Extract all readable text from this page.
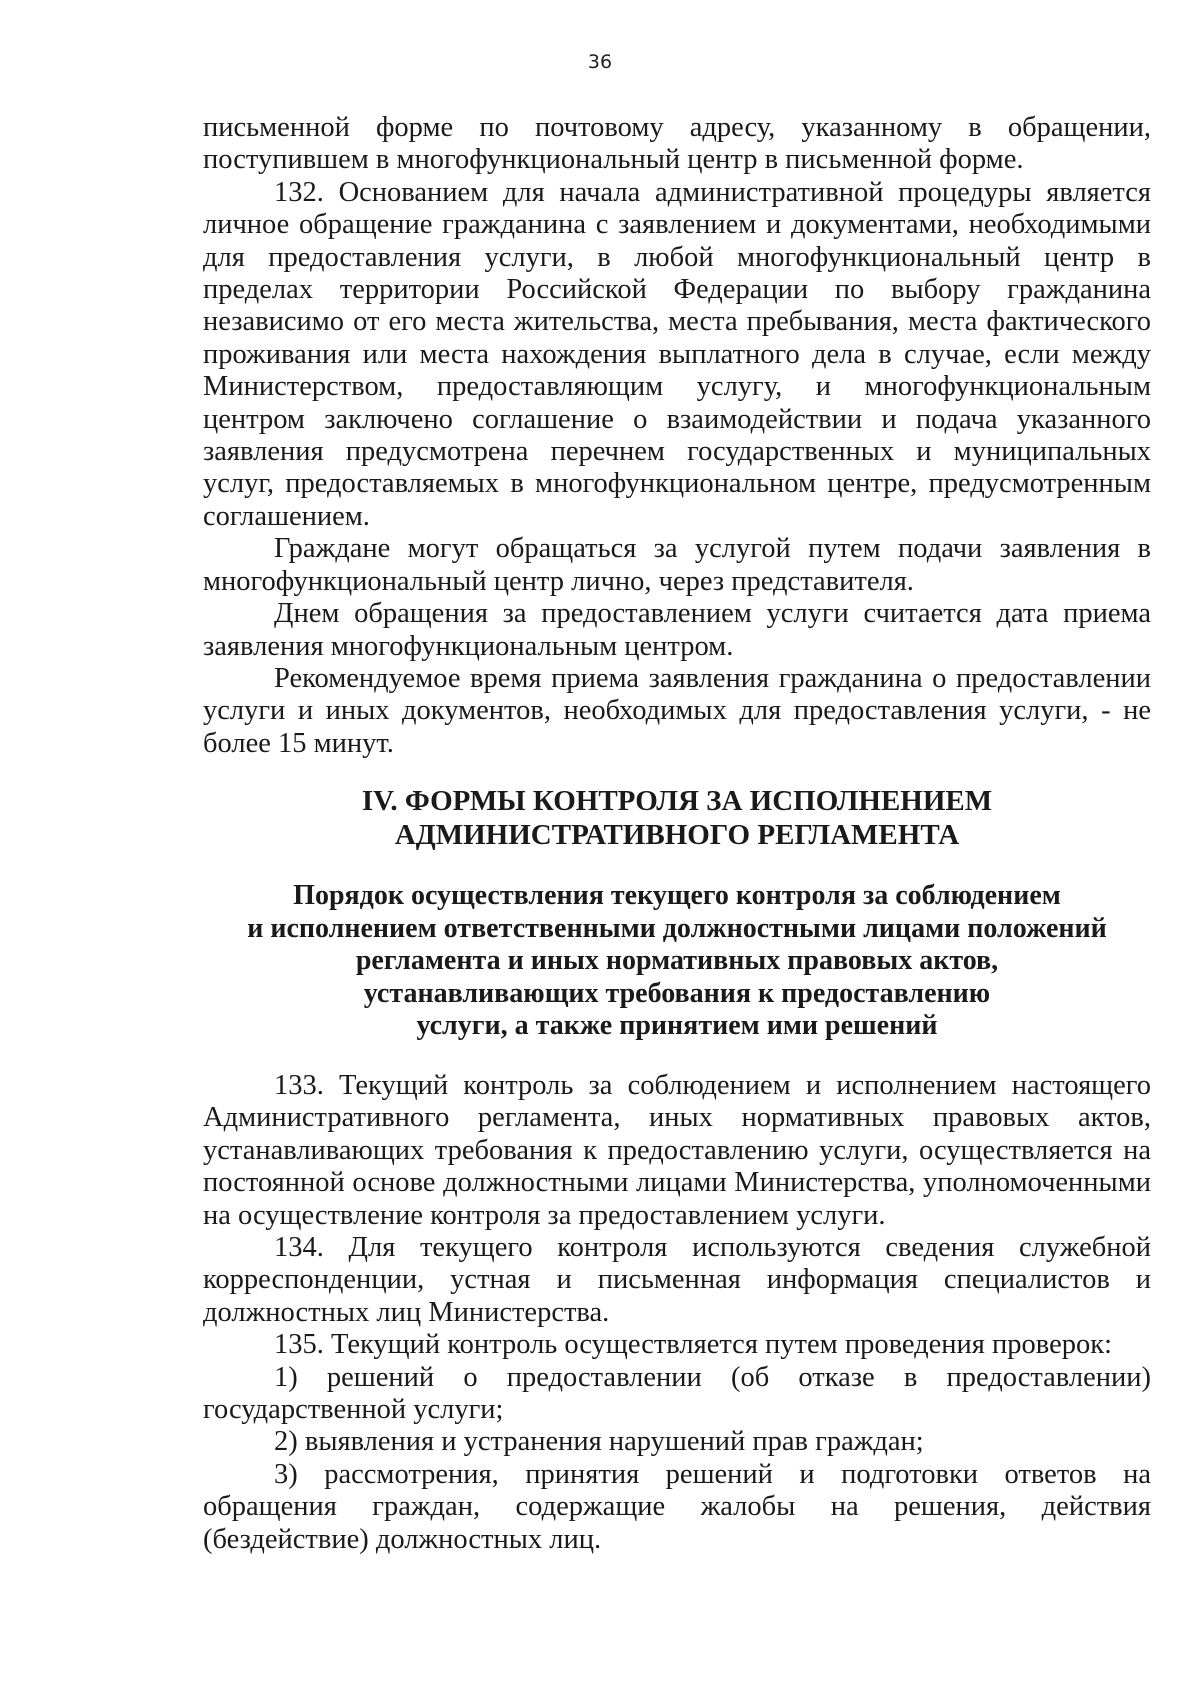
36

письменной форме по почтовому адресу, указанному в обращении, поступившем в многофункциональный центр в письменной форме.

132. Основанием для начала административной процедуры является личное обращение гражданина с заявлением и документами, необходимыми для предоставления услуги, в любой многофункциональный центр в пределах территории Российской Федерации по выбору гражданина независимо от его места жительства, места пребывания, места фактического проживания или места нахождения выплатного дела в случае, если между Министерством, предоставляющим услугу, и многофункциональным центром заключено соглашение о взаимодействии и подача указанного заявления предусмотрена перечнем государственных и муниципальных услуг, предоставляемых в многофункциональном центре, предусмотренным соглашением.

Граждане могут обращаться за услугой путем подачи заявления в многофункциональный центр лично, через представителя.

Днем обращения за предоставлением услуги считается дата приема заявления многофункциональным центром.

Рекомендуемое время приема заявления гражданина о предоставлении услуги и иных документов, необходимых для предоставления услуги, - не более 15 минут.

IV. ФОРМЫ КОНТРОЛЯ ЗА ИСПОЛНЕНИЕМ
АДМИНИСТРАТИВНОГО РЕГЛАМЕНТА
Порядок осуществления текущего контроля за соблюдением
и исполнением ответственными должностными лицами положений
регламента и иных нормативных правовых актов,
устанавливающих требования к предоставлению
услуги, а также принятием ими решений

133. Текущий контроль за соблюдением и исполнением настоящего Административного регламента, иных нормативных правовых актов, устанавливающих требования к предоставлению услуги, осуществляется на постоянной основе должностными лицами Министерства, уполномоченными на осуществление контроля за предоставлением услуги.

134. Для текущего контроля используются сведения служебной корреспонденции, устная и письменная информация специалистов и должностных лиц Министерства.

135. Текущий контроль осуществляется путем проведения проверок:

1) решений о предоставлении (об отказе в предоставлении) государственной услуги;

2) выявления и устранения нарушений прав граждан;

3) рассмотрения, принятия решений и подготовки ответов на обращения граждан, содержащие жалобы на решения, действия (бездействие) должностных лиц.
